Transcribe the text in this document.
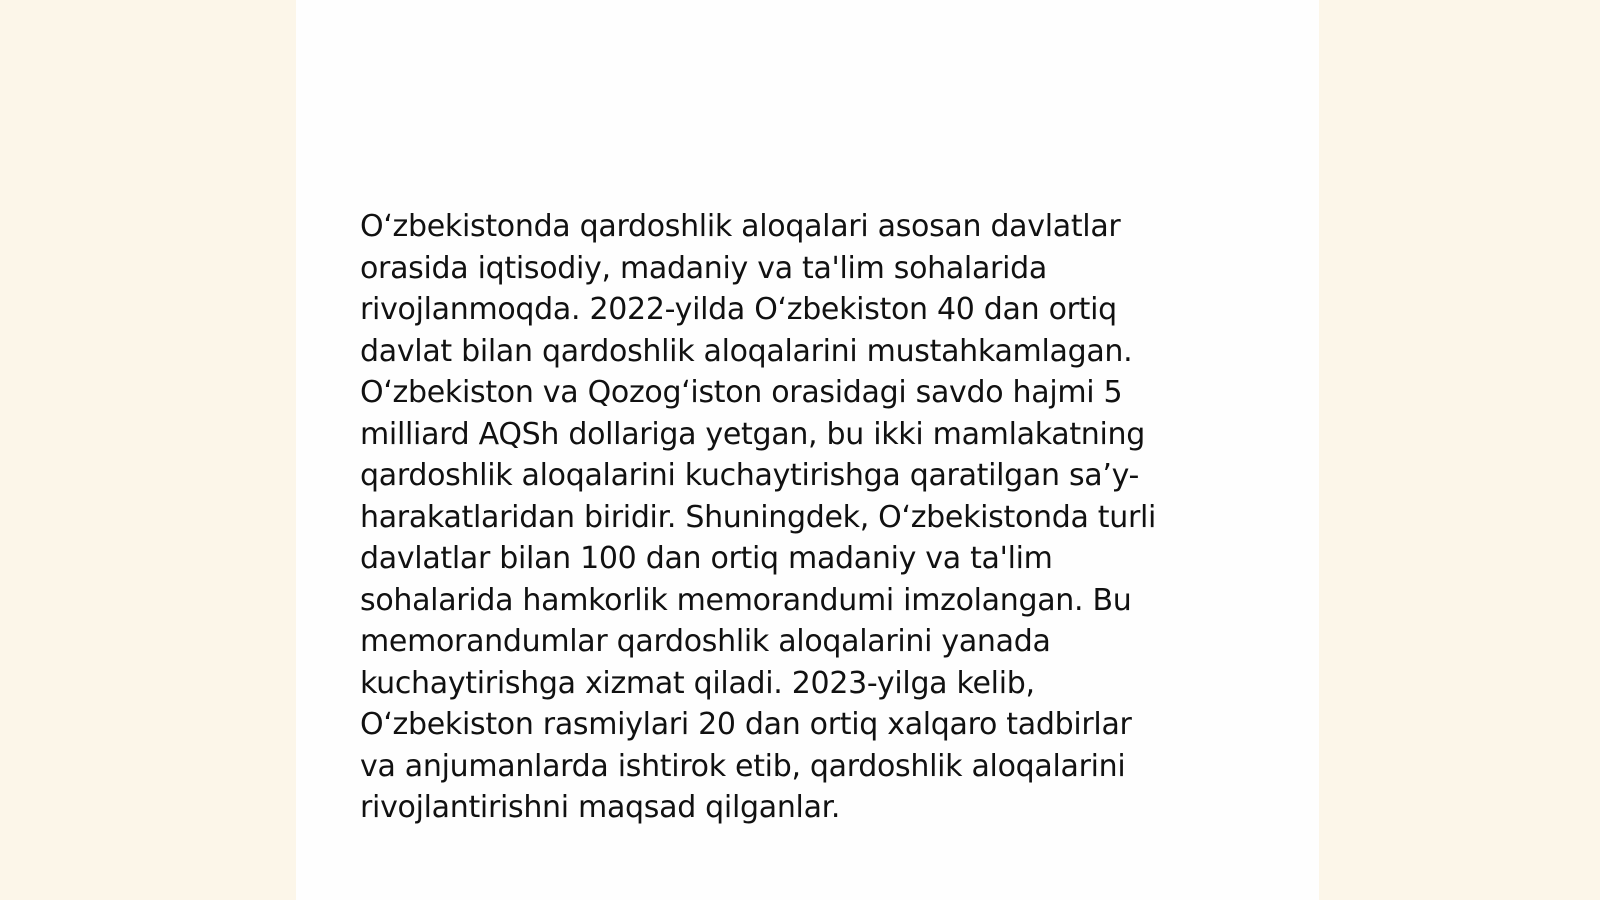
O‘zbekistonda qardoshlik aloqalari asosan davlatlar
orasida iqtisodiy, madaniy va ta'lim sohalarida
rivojlanmoqda. 2022-yilda O‘zbekiston 40 dan ortiq
davlat bilan qardoshlik aloqalarini mustahkamlagan.
O‘zbekiston va Qozog‘iston orasidagi savdo hajmi 5
milliard AQSh dollariga yetgan, bu ikki mamlakatning
qardoshlik aloqalarini kuchaytirishga qaratilgan sa’y-
harakatlaridan biridir. Shuningdek, O‘zbekistonda turli
davlatlar bilan 100 dan ortiq madaniy va ta'lim
sohalarida hamkorlik memorandumi imzolangan. Bu
memorandumlar qardoshlik aloqalarini yanada
kuchaytirishga xizmat qiladi. 2023-yilga kelib,
O‘zbekiston rasmiylari 20 dan ortiq xalqaro tadbirlar
va anjumanlarda ishtirok etib, qardoshlik aloqalarini
rivojlantirishni maqsad qilganlar.
